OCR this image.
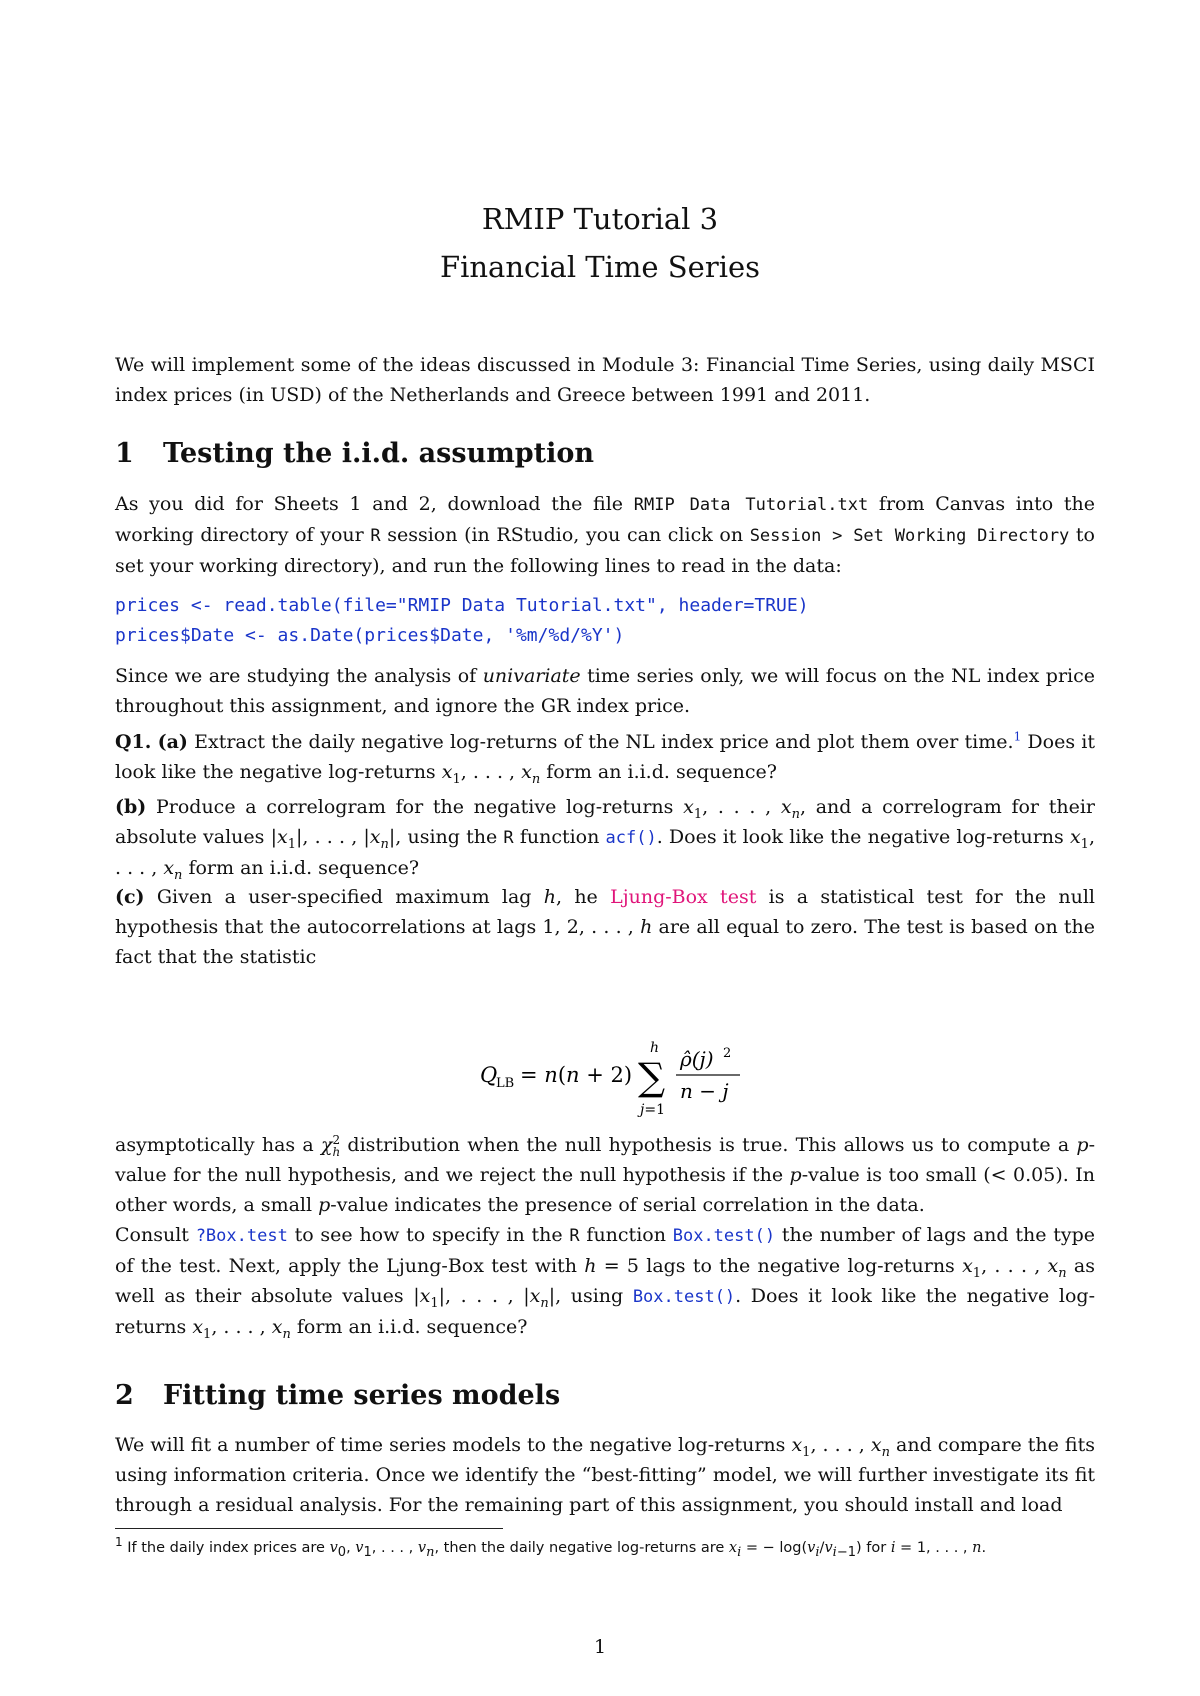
RMIP Tutorial 3
Financial Time Series

We will implement some of the ideas discussed in Module 3: Financial Time Series, using daily MSCI index prices (in USD) of the Netherlands and Greece between 1991 and 2011.

1 Testing the i.i.d. assumption

As you did for Sheets 1 and 2, download the file RMIP Data Tutorial.txt from Canvas into the working directory of your R session (in RStudio, you can click on Session > Set Working Directory to set your working directory), and run the following lines to read in the data:

prices <- read.table(file="RMIP Data Tutorial.txt", header=TRUE)
prices$Date <- as.Date(prices$Date, '%m/%d/%Y')

Since we are studying the analysis of univariate time series only, we will focus on the NL index price throughout this assignment, and ignore the GR index price.

Q1. (a) Extract the daily negative log-returns of the NL index price and plot them over time.$^1$ Does it look like the negative log-returns $x_1$, . . . , $x_n$ form an i.i.d. sequence?

(b) Produce a correlogram for the negative log-returns $x_1$, . . . , $x_n$, and a correlogram for their absolute values $|x_1|$, . . . , $|x_n|$, using the R function acf(). Does it look like the negative log-returns $x_1$, . . . , $x_n$ form an i.i.d. sequence?

(c) Given a user-specified maximum lag h, he Ljung-Box test is a statistical test for the null hypothesis that the autocorrelations at lags 1, 2, . . . , h are all equal to zero. The test is based on the fact that the statistic

Q
LB = n(n + 2) ∑
h
j=1
ρ̂(j) 2
n − j

asymptotically has a χ 2
h distribution when the null hypothesis is true. This allows us to compute a p-value for the null hypothesis, and we reject the null hypothesis if the p-value is too small (< 0.05). In other words, a small p-value indicates the presence of serial correlation in the data.

Consult ?Box.test to see how to specify in the R function Box.test() the number of lags and the type of the test. Next, apply the Ljung-Box test with h = 5 lags to the negative log-returns $x_1$, . . . , $x_n$ as well as their absolute values $|x_1|$, . . . , $|x_n|$, using Box.test(). Does it look like the negative log-returns $x_1$, . . . , $x_n$ form an i.i.d. sequence?

2 Fitting time series models

We will fit a number of time series models to the negative log-returns $x_1$, . . . , $x_n$ and compare the fits using information criteria. Once we identify the “best-fitting” model, we will further investigate its fit through a residual analysis. For the remaining part of this assignment, you should install and load

$^1$ If the daily index prices are v0, v1, . . . , vn, then the daily negative log-returns are xi = − log(vi/vi−1) for i = 1, . . . , n.
1
